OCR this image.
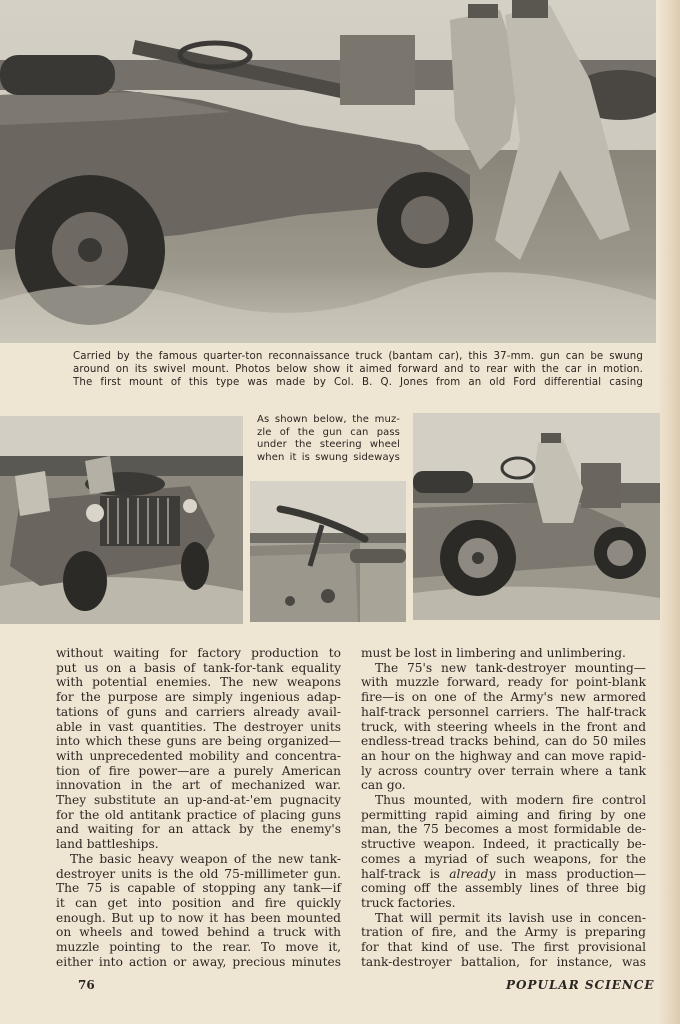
Carried by the famous quarter-ton reconnaissance truck (bantam car), this 37-mm. gun can be swung
around on its swivel mount. Photos below show it aimed forward and to rear with the car in motion.
The first mount of this type was made by Col. B. Q. Jones from an old Ford differential casing
As shown below, the muz-
zle of the gun can pass
under the steering wheel
when it is swung sideways

without waiting for factory production to
put us on a basis of tank-for-tank equality
with potential enemies. The new weapons
for the purpose are simply ingenious adap-
tations of guns and carriers already avail-
able in vast quantities. The destroyer units
into which these guns are being organized—
with unprecedented mobility and concentra-
tion of fire power—are a purely American
innovation in the art of mechanized war.
They substitute an up-and-at-'em pugnacity
for the old antitank practice of placing guns
and waiting for an attack by the enemy's
land battleships.

The basic heavy weapon of the new tank-
destroyer units is the old 75-millimeter gun.
The 75 is capable of stopping any tank—if
it can get into position and fire quickly
enough. But up to now it has been mounted
on wheels and towed behind a truck with
muzzle pointing to the rear. To move it,
either into action or away, precious minutes

must be lost in limbering and unlimbering.

The 75's new tank-destroyer mounting—
with muzzle forward, ready for point-blank
fire—is on one of the Army's new armored
half-track personnel carriers. The half-track
truck, with steering wheels in the front and
endless-tread tracks behind, can do 50 miles
an hour on the highway and can move rapid-
ly across country over terrain where a tank
can go.

Thus mounted, with modern fire control
permitting rapid aiming and firing by one
man, the 75 becomes a most formidable de-
structive weapon. Indeed, it practically be-
comes a myriad of such weapons, for the
half-track is already in mass production—
coming off the assembly lines of three big
truck factories.

That will permit its lavish use in concen-
tration of fire, and the Army is preparing
for that kind of use. The first provisional
tank-destroyer battalion, for instance, was

76	POPULAR SCIENCE
